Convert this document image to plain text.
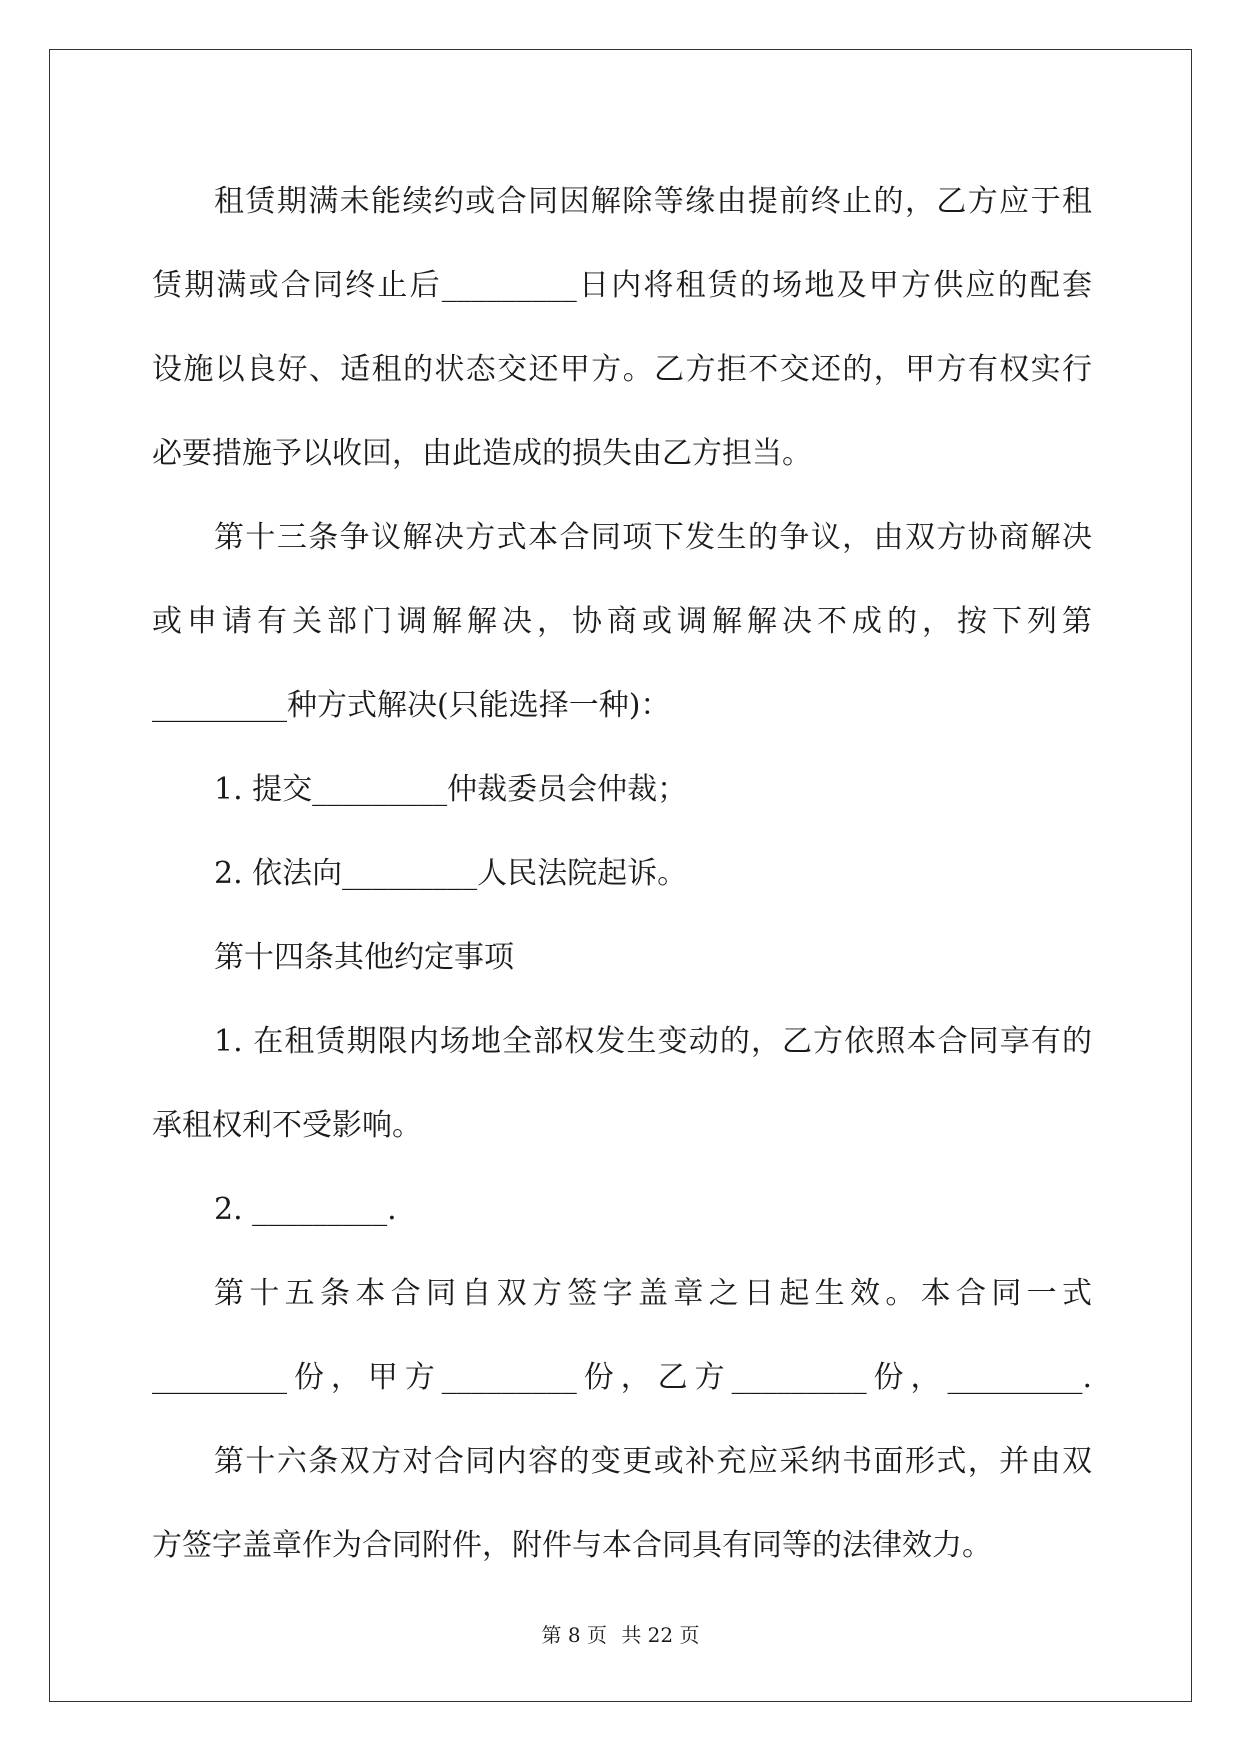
租赁期满未能续约或合同因解除等缘由提前终止的，乙方应于租
赁期满或合同终止后_________日内将租赁的场地及甲方供应的配套
设施以良好、适租的状态交还甲方。乙方拒不交还的，甲方有权实行
必要措施予以收回，由此造成的损失由乙方担当。
第十三条争议解决方式本合同项下发生的争议，由双方协商解决
或申请有关部门调解解决，协商或调解解决不成的，按下列第
_________种方式解决(只能选择一种)：
1. 提交_________仲裁委员会仲裁；
2. 依法向_________人民法院起诉。
第十四条其他约定事项
1. 在租赁期限内场地全部权发生变动的，乙方依照本合同享有的
承租权利不受影响。
2. _________.
第十五条本合同自双方签字盖章之日起生效。本合同一式
_________份，甲方_________份，乙方_________份，_________.
第十六条双方对合同内容的变更或补充应采纳书面形式，并由双
方签字盖章作为合同附件，附件与本合同具有同等的法律效力。
第 8 页 共 22 页
